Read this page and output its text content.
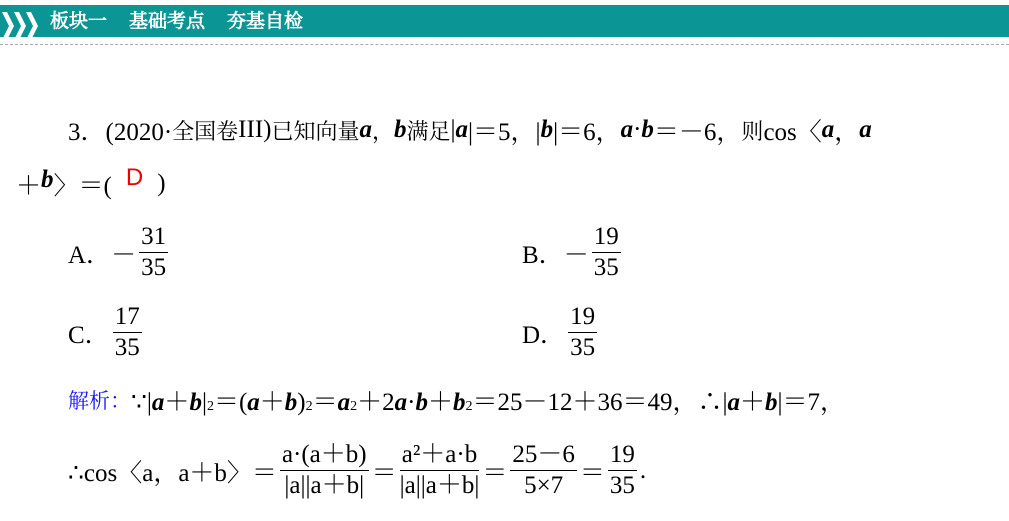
板块一 基础考点 夯基自检
3．(2020· 全国卷 III) 已知向量 a ， b 满足 | a |＝5，| b |＝6， a · b ＝－6， 则 cos〈 a ， a
＋ b 〉＝( D )
A． － $\frac{31}{35}$	B． － $\frac{19}{35}$
C． $\frac{17}{35}$	D． $\frac{19}{35}$
解析： ∵| a ＋ b | 2 ＝( a ＋ b ) 2 ＝ a 2 ＋2 a · b ＋ b 2 ＝25－12＋36＝49，∴| a ＋ b |＝7，
∴cos〈a，a＋b〉＝ $\frac{a\cdot(a+b)}{|a||a+b|} = \frac{\text{a²＋a·b}}{|a||a+b|} = \frac{25-6}{5\times 7} = \frac{19}{35}$ .
